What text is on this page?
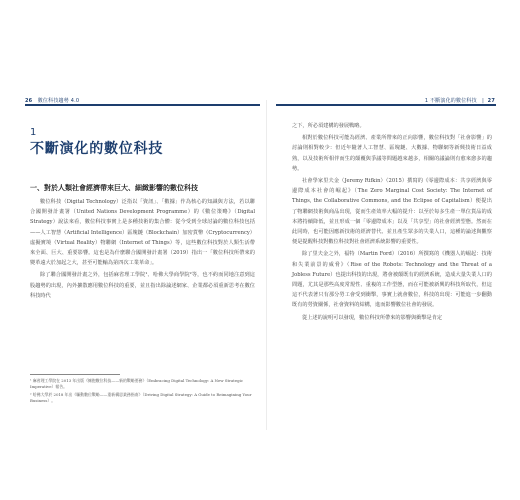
26 數位科技趨勢 4.0	1 不斷演化的數位科技   |  27
1
不斷演化的數位科技
一、對於人類社會經濟帶來巨大、細緻影響的數位科技

數位科技（Digital Technology）泛指以「資訊」、「數據」作為核心的知識與方法，若以聯合國開發計畫署（United Nations Development Programme）的《數位策略》（Digital Strategy）說法來看，數位科技事實上是多種技術的集合體：從今受到全球討論的數位科技包括——人工智慧（Artificial Intelligence）區塊鏈（Blockchain）加密貨幣（Cryptocurrency）虛擬實境（Virtual Reality）物聯網（Internet of Things）等，這些數位科技對於人類生活帶來全面、巨大、重要影響。這也是為什麼聯合國開發計畫署（2019）指出一「數位科技所帶來的變革遠大於加起之大，甚至可能輸為第四次工業革命」。

除了聯合國開發計畫之外，包括麻省理工學院¹、哈佛大學商學院²等，也不約而同地注意到這股趨勢的出現，內外擴散應用數位科技的重要，並且指出除論述網家、企業都必須重新思考在數位科技時代

¹ 麻省理工學院在 2013 年出版《擁抱數位科技——新的戰略要務》（Embracing Digital Technology: A New Strategic Imperative）報告。

² 哈佛大學於 2018 年出《驅動數位戰略——重新構思業務指南》（Driving Digital Strategy: A Guide to Reimagining Your Business）。

之下，所必須建構的發展戰略。

相對於數位科技可能為經濟、產業所帶來的正向影響，數位科技對「社會影響」的討論則相對較少：但近年隨著人工智慧、區塊鏈、大數據、物聯網等新興技術日益成熟，以及技術所相伴而生的顛覆與爭議等問題越來越多，相關的議論則有愈來愈多的趨勢。

社會學家里夫金（Jeremy Rifkin）（2015）撰寫的《零邊際成本：共享經濟與零邊際成本社會的崛起》（The Zero Marginal Cost Society: The Internet of Things, the Collaborative Commons, and the Eclipse of Capitalism）便提出了物聯網技術與商品出現，從而生產效率大幅的提升：以至於每多生產一單位貨品的成本將持續降低，並且形成一個「零邊際成本」以及「共享型」的社會經濟型態。然而在此同時，也可能因應新技術的經濟替代、並且產生眾多的失業人口，這種的論述與觀察便是提醒科技對數位科技對社會經濟系統影響的重要性。

除了里夫金之外，福特（Martin Ford）（2016）所撰寫的《機器人的崛起：技術和失業前景的威脅》（Rise of the Robots: Technology and the Threat of a Jobless Future）也提出科技的出現，將會被顛既有的經濟系統，造成大量失業人口的問題，尤其是那些高度常規性、重複的工作型態，而在可能被新興的科技所取代，但這這不代表著只有那分勞工會受到衝擊，事實上就會數位，科技的出現：可能進一步翻動既有的勞資關係，社會資料的結構，進而影響數位社會的發展。

從上述的說明可以發現，數位科技所帶來的影響與衝擊是肯定
